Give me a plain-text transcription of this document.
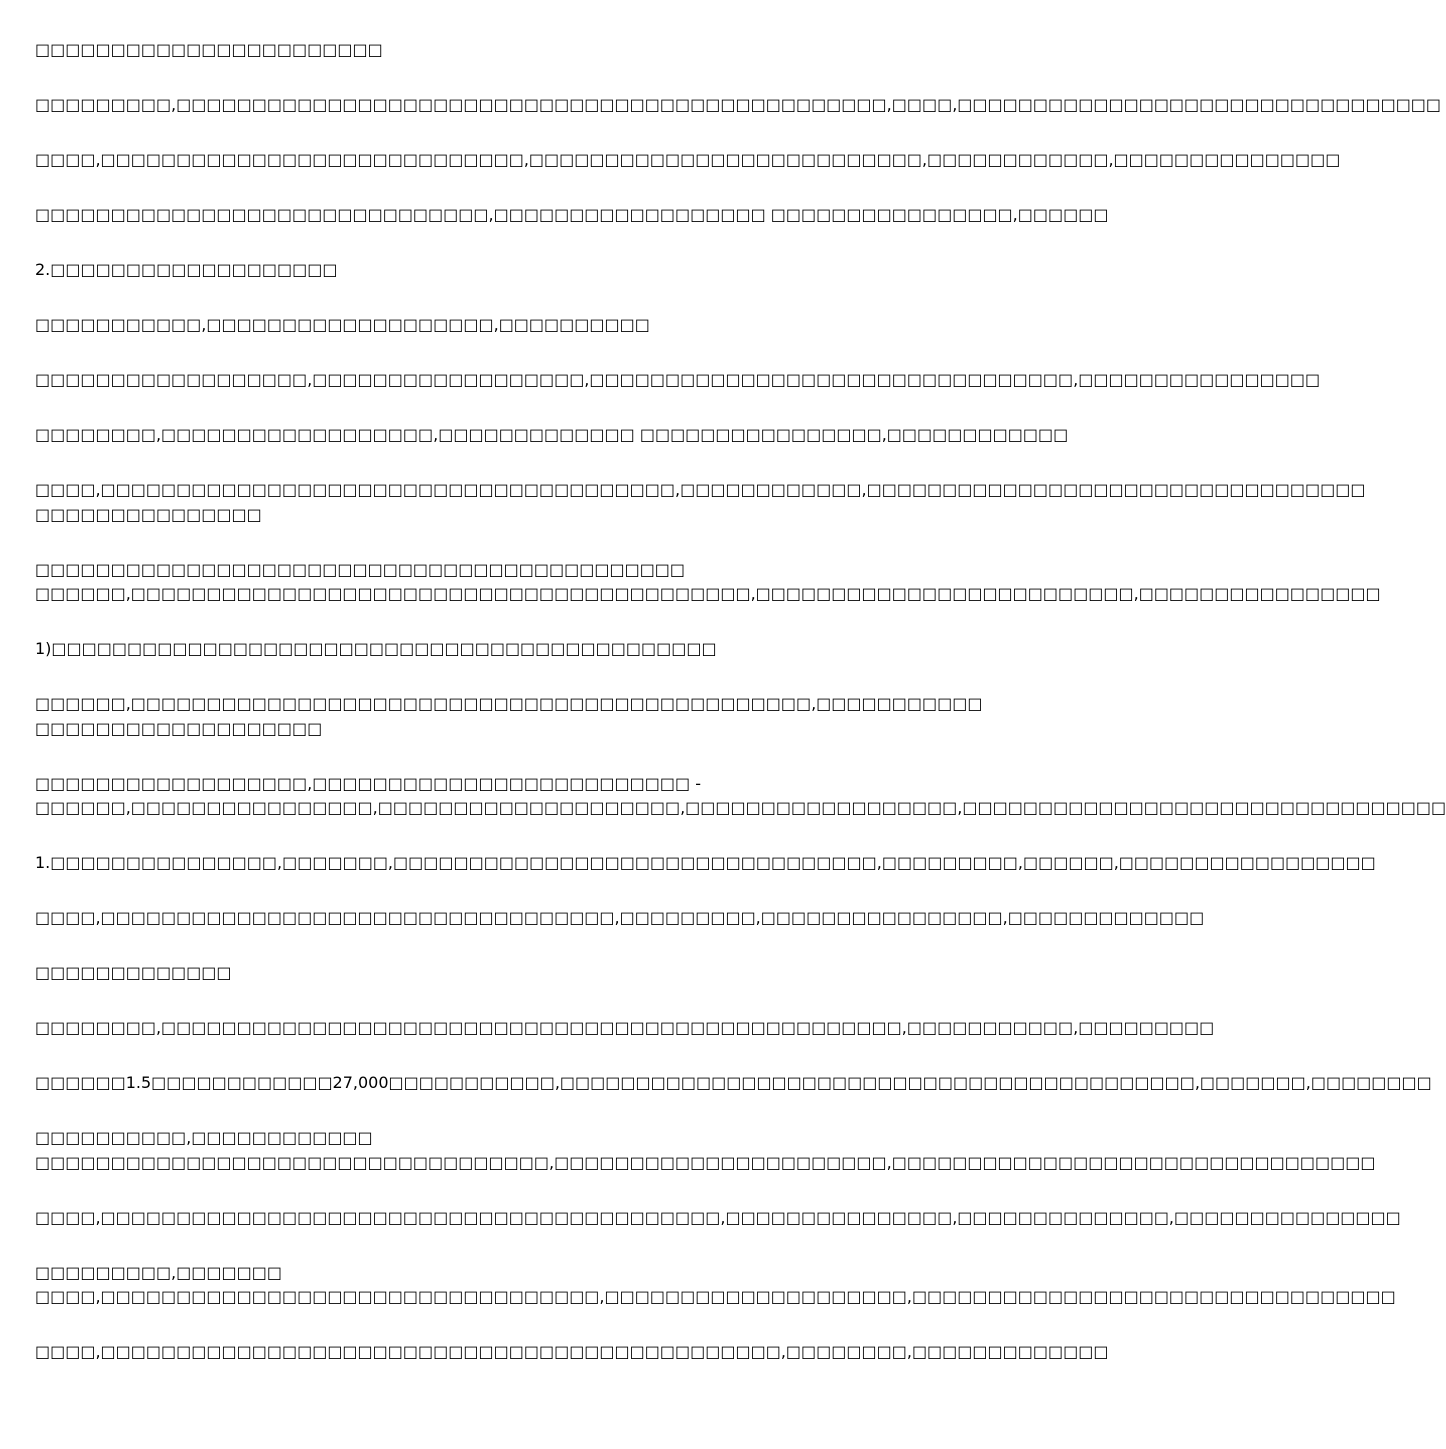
□□□□□□□□□□□□□□□□□□□□□□□

□□□□□□□□□,□□□□□□□□□□□□□□□□□□□□□□□□□□□□□□□□□□□□□□□□□□□□□□□,□□□□,□□□□□□□□□□□□□□□□□□□□□□□□□□□□□□□□

□□□□,□□□□□□□□□□□□□□□□□□□□□□□□□□□□,□□□□□□□□□□□□□□□□□□□□□□□□□□,□□□□□□□□□□□□,□□□□□□□□□□□□□□□

□□□□□□□□□□□□□□□□□□□□□□□□□□□□□□,□□□□□□□□□□□□□□□□□□ □□□□□□□□□□□□□□□□,□□□□□□

2.□□□□□□□□□□□□□□□□□□□

□□□□□□□□□□□,□□□□□□□□□□□□□□□□□□□,□□□□□□□□□□

□□□□□□□□□□□□□□□□□□,□□□□□□□□□□□□□□□□□□,□□□□□□□□□□□□□□□□□□□□□□□□□□□□□□□□,□□□□□□□□□□□□□□□□

□□□□□□□□,□□□□□□□□□□□□□□□□□□,□□□□□□□□□□□□□ □□□□□□□□□□□□□□□□,□□□□□□□□□□□□

□□□□,□□□□□□□□□□□□□□□□□□□□□□□□□□□□□□□□□□□□□□,□□□□□□□□□□□□,□□□□□□□□□□□□□□□□□□□□□□□□□□□□□□□□□
□□□□□□□□□□□□□□□

□□□□□□□□□□□□□□□□□□□□□□□□□□□□□□□□□□□□□□□□□□□
□□□□□□,□□□□□□□□□□□□□□□□□□□□□□□□□□□□□□□□□□□□□□□□□,□□□□□□□□□□□□□□□□□□□□□□□□□,□□□□□□□□□□□□□□□□

1)□□□□□□□□□□□□□□□□□□□□□□□□□□□□□□□□□□□□□□□□□□□□

□□□□□□,□□□□□□□□□□□□□□□□□□□□□□□□□□□□□□□□□□□□□□□□□□□□□,□□□□□□□□□□□
□□□□□□□□□□□□□□□□□□□

□□□□□□□□□□□□□□□□□□,□□□□□□□□□□□□□□□□□□□□□□□□□ -
□□□□□□,□□□□□□□□□□□□□□□□,□□□□□□□□□□□□□□□□□□□□,□□□□□□□□□□□□□□□□□□,□□□□□□□□□□□□□□□□□□□□□□□□□□□□□□□□

1.□□□□□□□□□□□□□□□,□□□□□□□,□□□□□□□□□□□□□□□□□□□□□□□□□□□□□□□□,□□□□□□□□□,□□□□□□,□□□□□□□□□□□□□□□□□

□□□□,□□□□□□□□□□□□□□□□□□□□□□□□□□□□□□□□□□,□□□□□□□□□,□□□□□□□□□□□□□□□□,□□□□□□□□□□□□□

□□□□□□□□□□□□□

□□□□□□□□,□□□□□□□□□□□□□□□□□□□□□□□□□□□□□□□□□□□□□□□□□□□□□□□□□,□□□□□□□□□□□,□□□□□□□□□

□□□□□□1.5□□□□□□□□□□□□27,000□□□□□□□□□□□,□□□□□□□□□□□□□□□□□□□□□□□□□□□□□□□□□□□□□□□□□□,□□□□□□□,□□□□□□□□

□□□□□□□□□□,□□□□□□□□□□□□
□□□□□□□□□□□□□□□□□□□□□□□□□□□□□□□□□□,□□□□□□□□□□□□□□□□□□□□□□,□□□□□□□□□□□□□□□□□□□□□□□□□□□□□□□□

□□□□,□□□□□□□□□□□□□□□□□□□□□□□□□□□□□□□□□□□□□□□□□,□□□□□□□□□□□□□□□,□□□□□□□□□□□□□□,□□□□□□□□□□□□□□□

□□□□□□□□□,□□□□□□□
□□□□,□□□□□□□□□□□□□□□□□□□□□□□□□□□□□□□□□,□□□□□□□□□□□□□□□□□□□□,□□□□□□□□□□□□□□□□□□□□□□□□□□□□□□□□

□□□□,□□□□□□□□□□□□□□□□□□□□□□□□□□□□□□□□□□□□□□□□□□□□□,□□□□□□□□,□□□□□□□□□□□□□
